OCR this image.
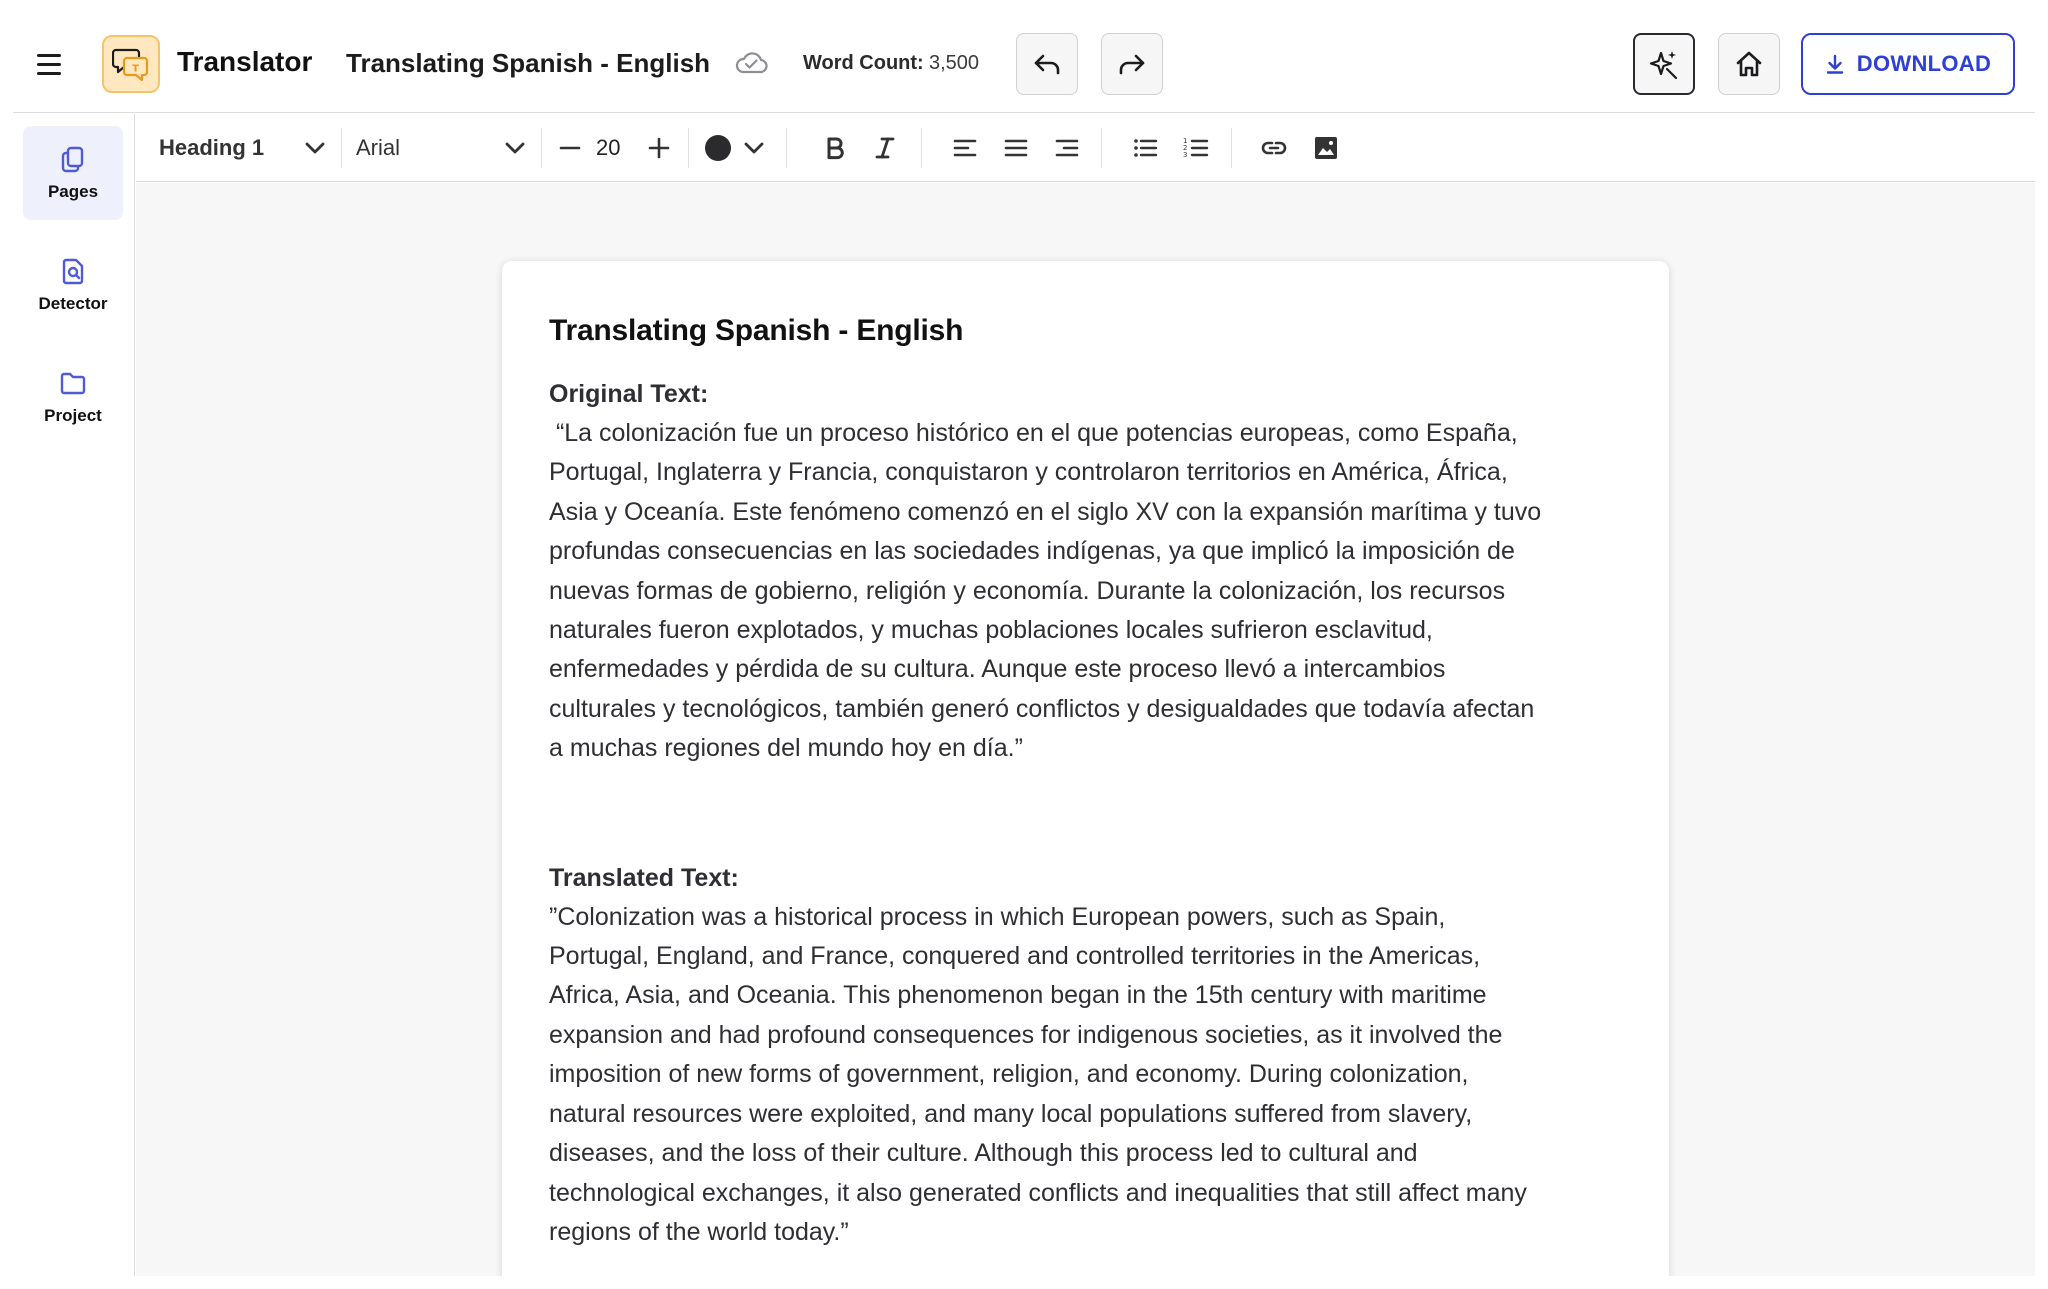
T Translator Translating Spanish - English	Word Count: 3,500	DOWNLOAD
Pages
Detector
Project
Heading 1	Arial	20	1
2
3
Translating Spanish - English
Original Text:
“La colonización fue un proceso histórico en el que potencias europeas, como España,
Portugal, Inglaterra y Francia, conquistaron y controlaron territorios en América, África,
Asia y Oceanía. Este fenómeno comenzó en el siglo XV con la expansión marítima y tuvo
profundas consecuencias en las sociedades indígenas, ya que implicó la imposición de
nuevas formas de gobierno, religión y economía. Durante la colonización, los recursos
naturales fueron explotados, y muchas poblaciones locales sufrieron esclavitud,
enfermedades y pérdida de su cultura. Aunque este proceso llevó a intercambios
culturales y tecnológicos, también generó conflictos y desigualdades que todavía afectan
a muchas regiones del mundo hoy en día.”
Translated Text:
”Colonization was a historical process in which European powers, such as Spain,
Portugal, England, and France, conquered and controlled territories in the Americas,
Africa, Asia, and Oceania. This phenomenon began in the 15th century with maritime
expansion and had profound consequences for indigenous societies, as it involved the
imposition of new forms of government, religion, and economy. During colonization,
natural resources were exploited, and many local populations suffered from slavery,
diseases, and the loss of their culture. Although this process led to cultural and
technological exchanges, it also generated conflicts and inequalities that still affect many
regions of the world today.”
